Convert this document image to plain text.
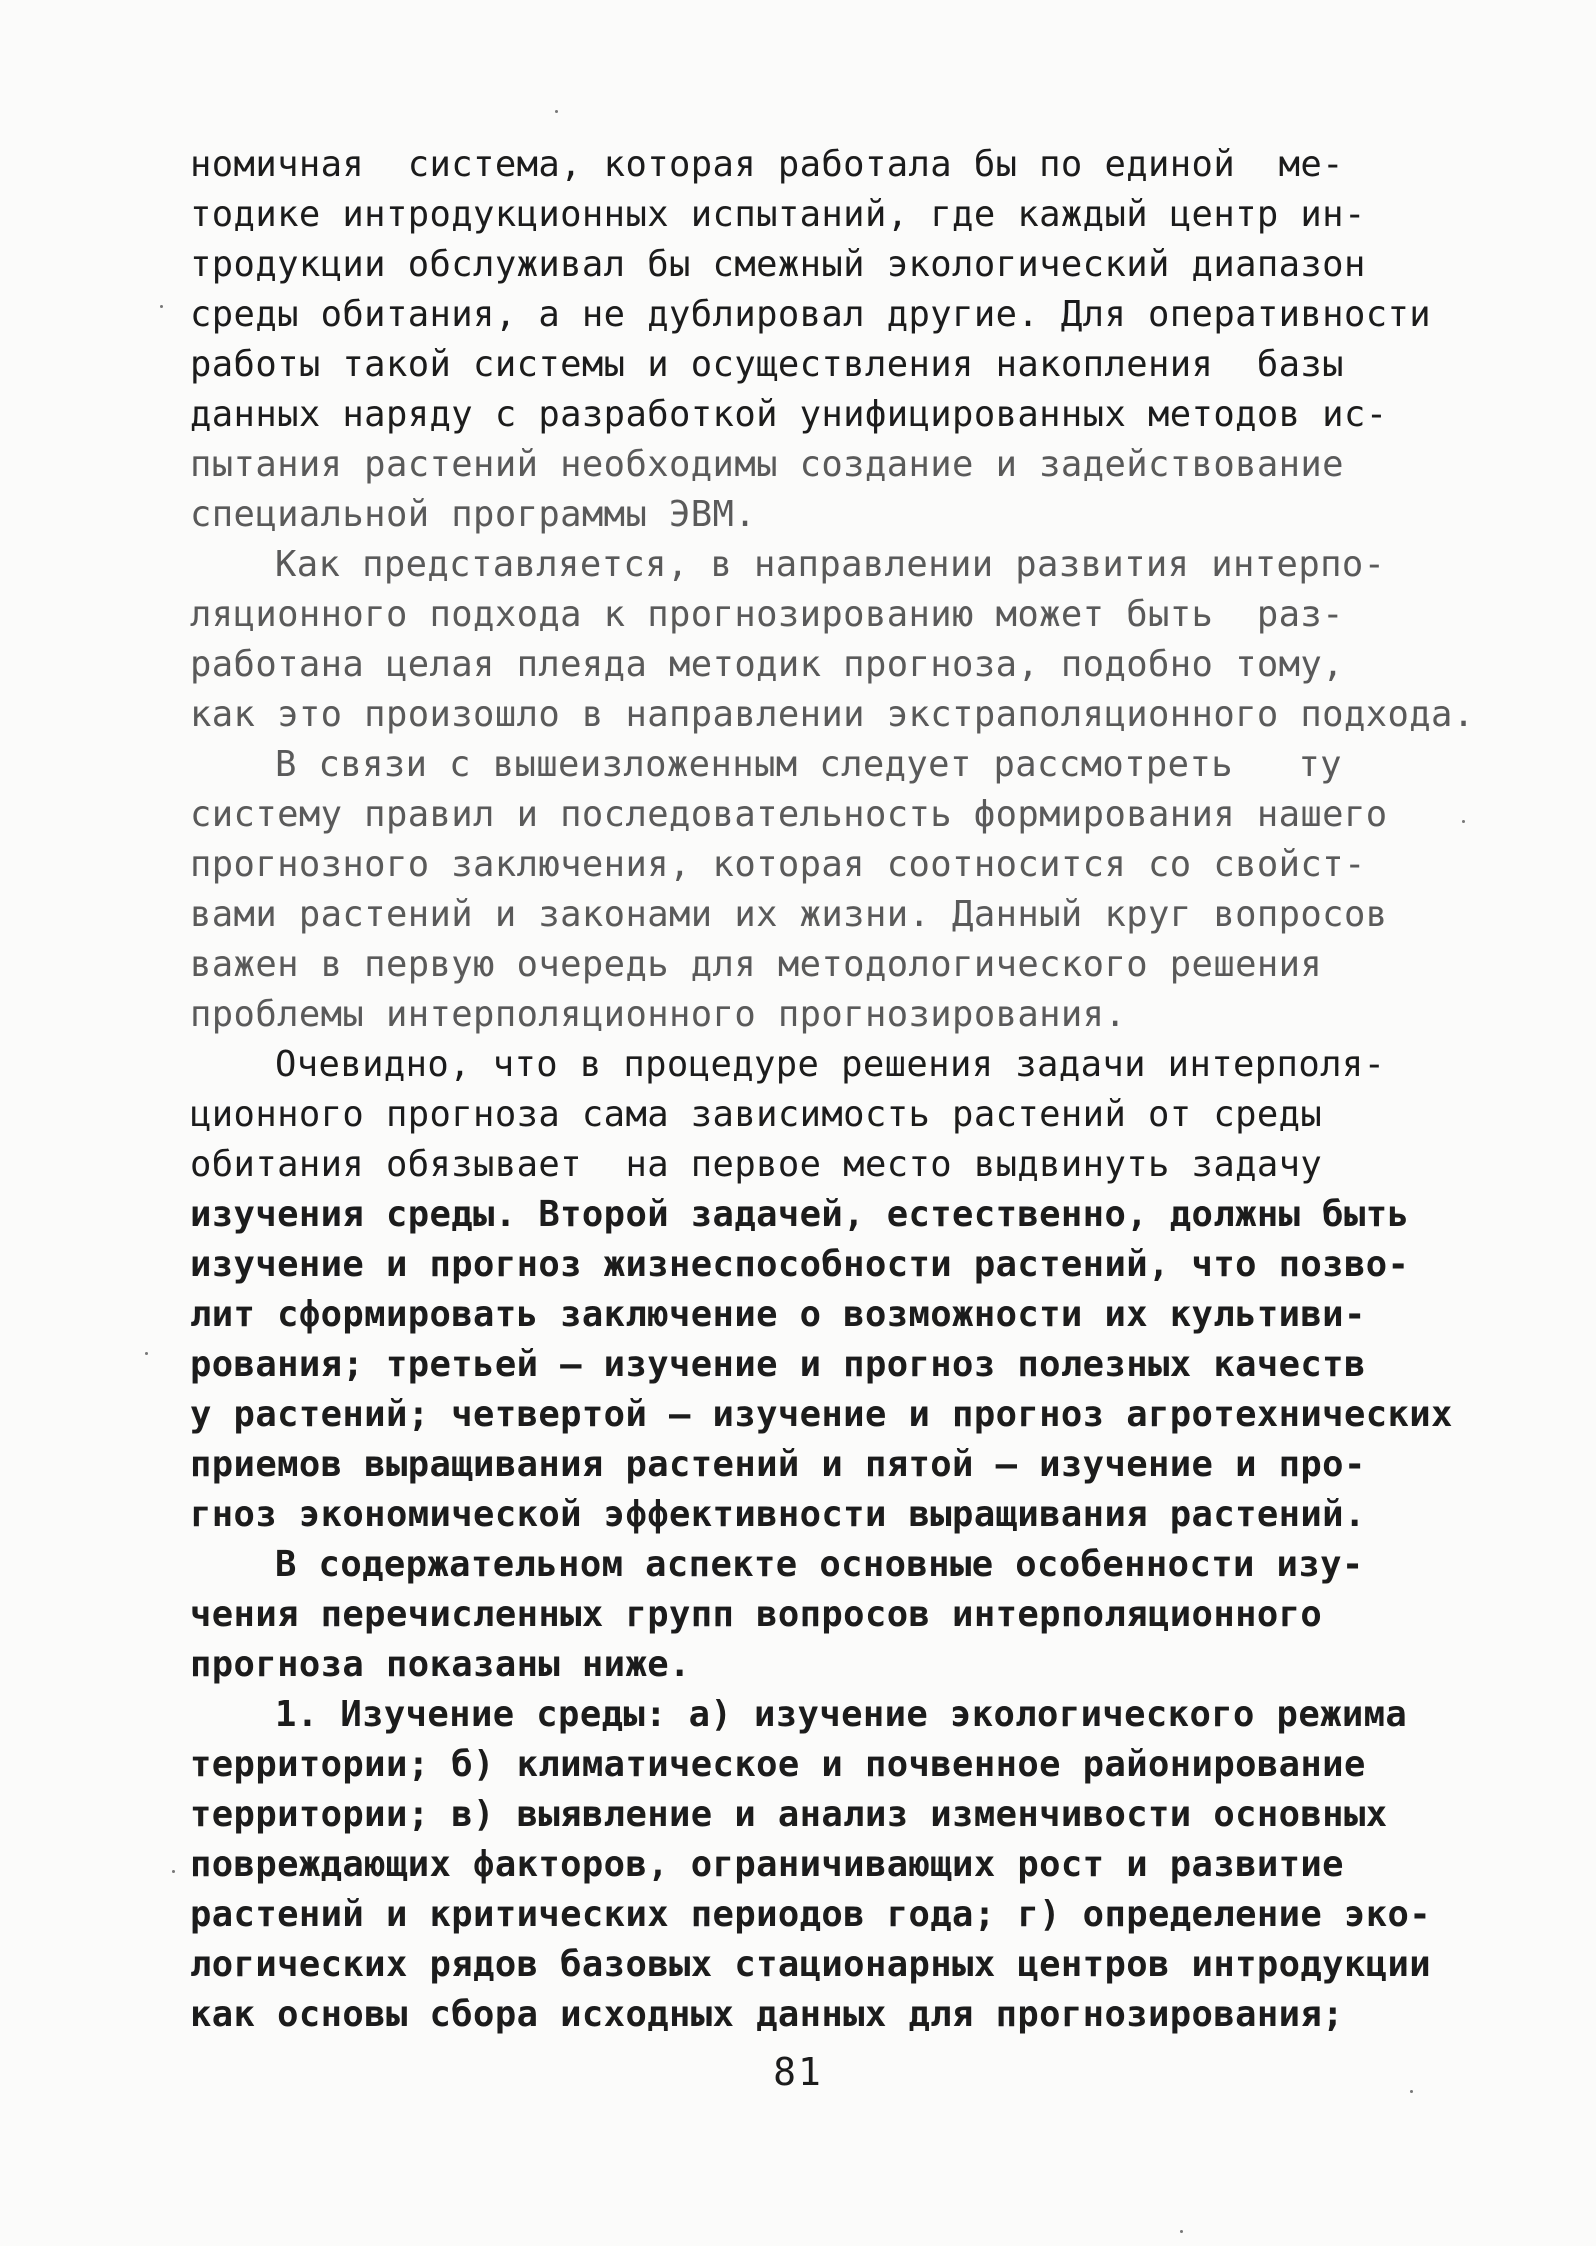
номичная  система, которая работала бы по единой  ме-
тодике интродукционных испытаний, где каждый центр ин-
тродукции обслуживал бы смежный экологический диапазон
среды обитания, а не дублировал другие. Для оперативности
работы такой системы и осуществления накопления  базы
данных наряду с разработкой унифицированных методов ис-
пытания растений необходимы создание и задействование
специальной программы ЭВМ.
Как представляется, в направлении развития интерпо-
ляционного подхода к прогнозированию может быть  раз-
работана целая плеяда методик прогноза, подобно тому,
как это произошло в направлении экстраполяционного подхода.
В связи с вышеизложенным следует рассмотреть   ту
систему правил и последовательность формирования нашего
прогнозного заключения, которая соотносится со свойст-
вами растений и законами их жизни. Данный круг вопросов
важен в первую очередь для методологического решения
проблемы интерполяционного прогнозирования.
Очевидно, что в процедуре решения задачи интерполя-
ционного прогноза сама зависимость растений от среды
обитания обязывает  на первое место выдвинуть задачу
изучения среды. Второй задачей, естественно, должны быть
изучение и прогноз жизнеспособности растений, что позво-
лит сформировать заключение о возможности их культиви-
рования; третьей – изучение и прогноз полезных качеств
у растений; четвертой – изучение и прогноз агротехнических
приемов выращивания растений и пятой – изучение и про-
гноз экономической эффективности выращивания растений.
В содержательном аспекте основные особенности изу-
чения перечисленных групп вопросов интерполяционного
прогноза показаны ниже.
1. Изучение среды: а) изучение экологического режима
территории; б) климатическое и почвенное районирование
территории; в) выявление и анализ изменчивости основных
повреждающих факторов, ограничивающих рост и развитие
растений и критических периодов года; г) определение эко-
логических рядов базовых стационарных центров интродукции
как основы сбора исходных данных для прогнозирования;
81
